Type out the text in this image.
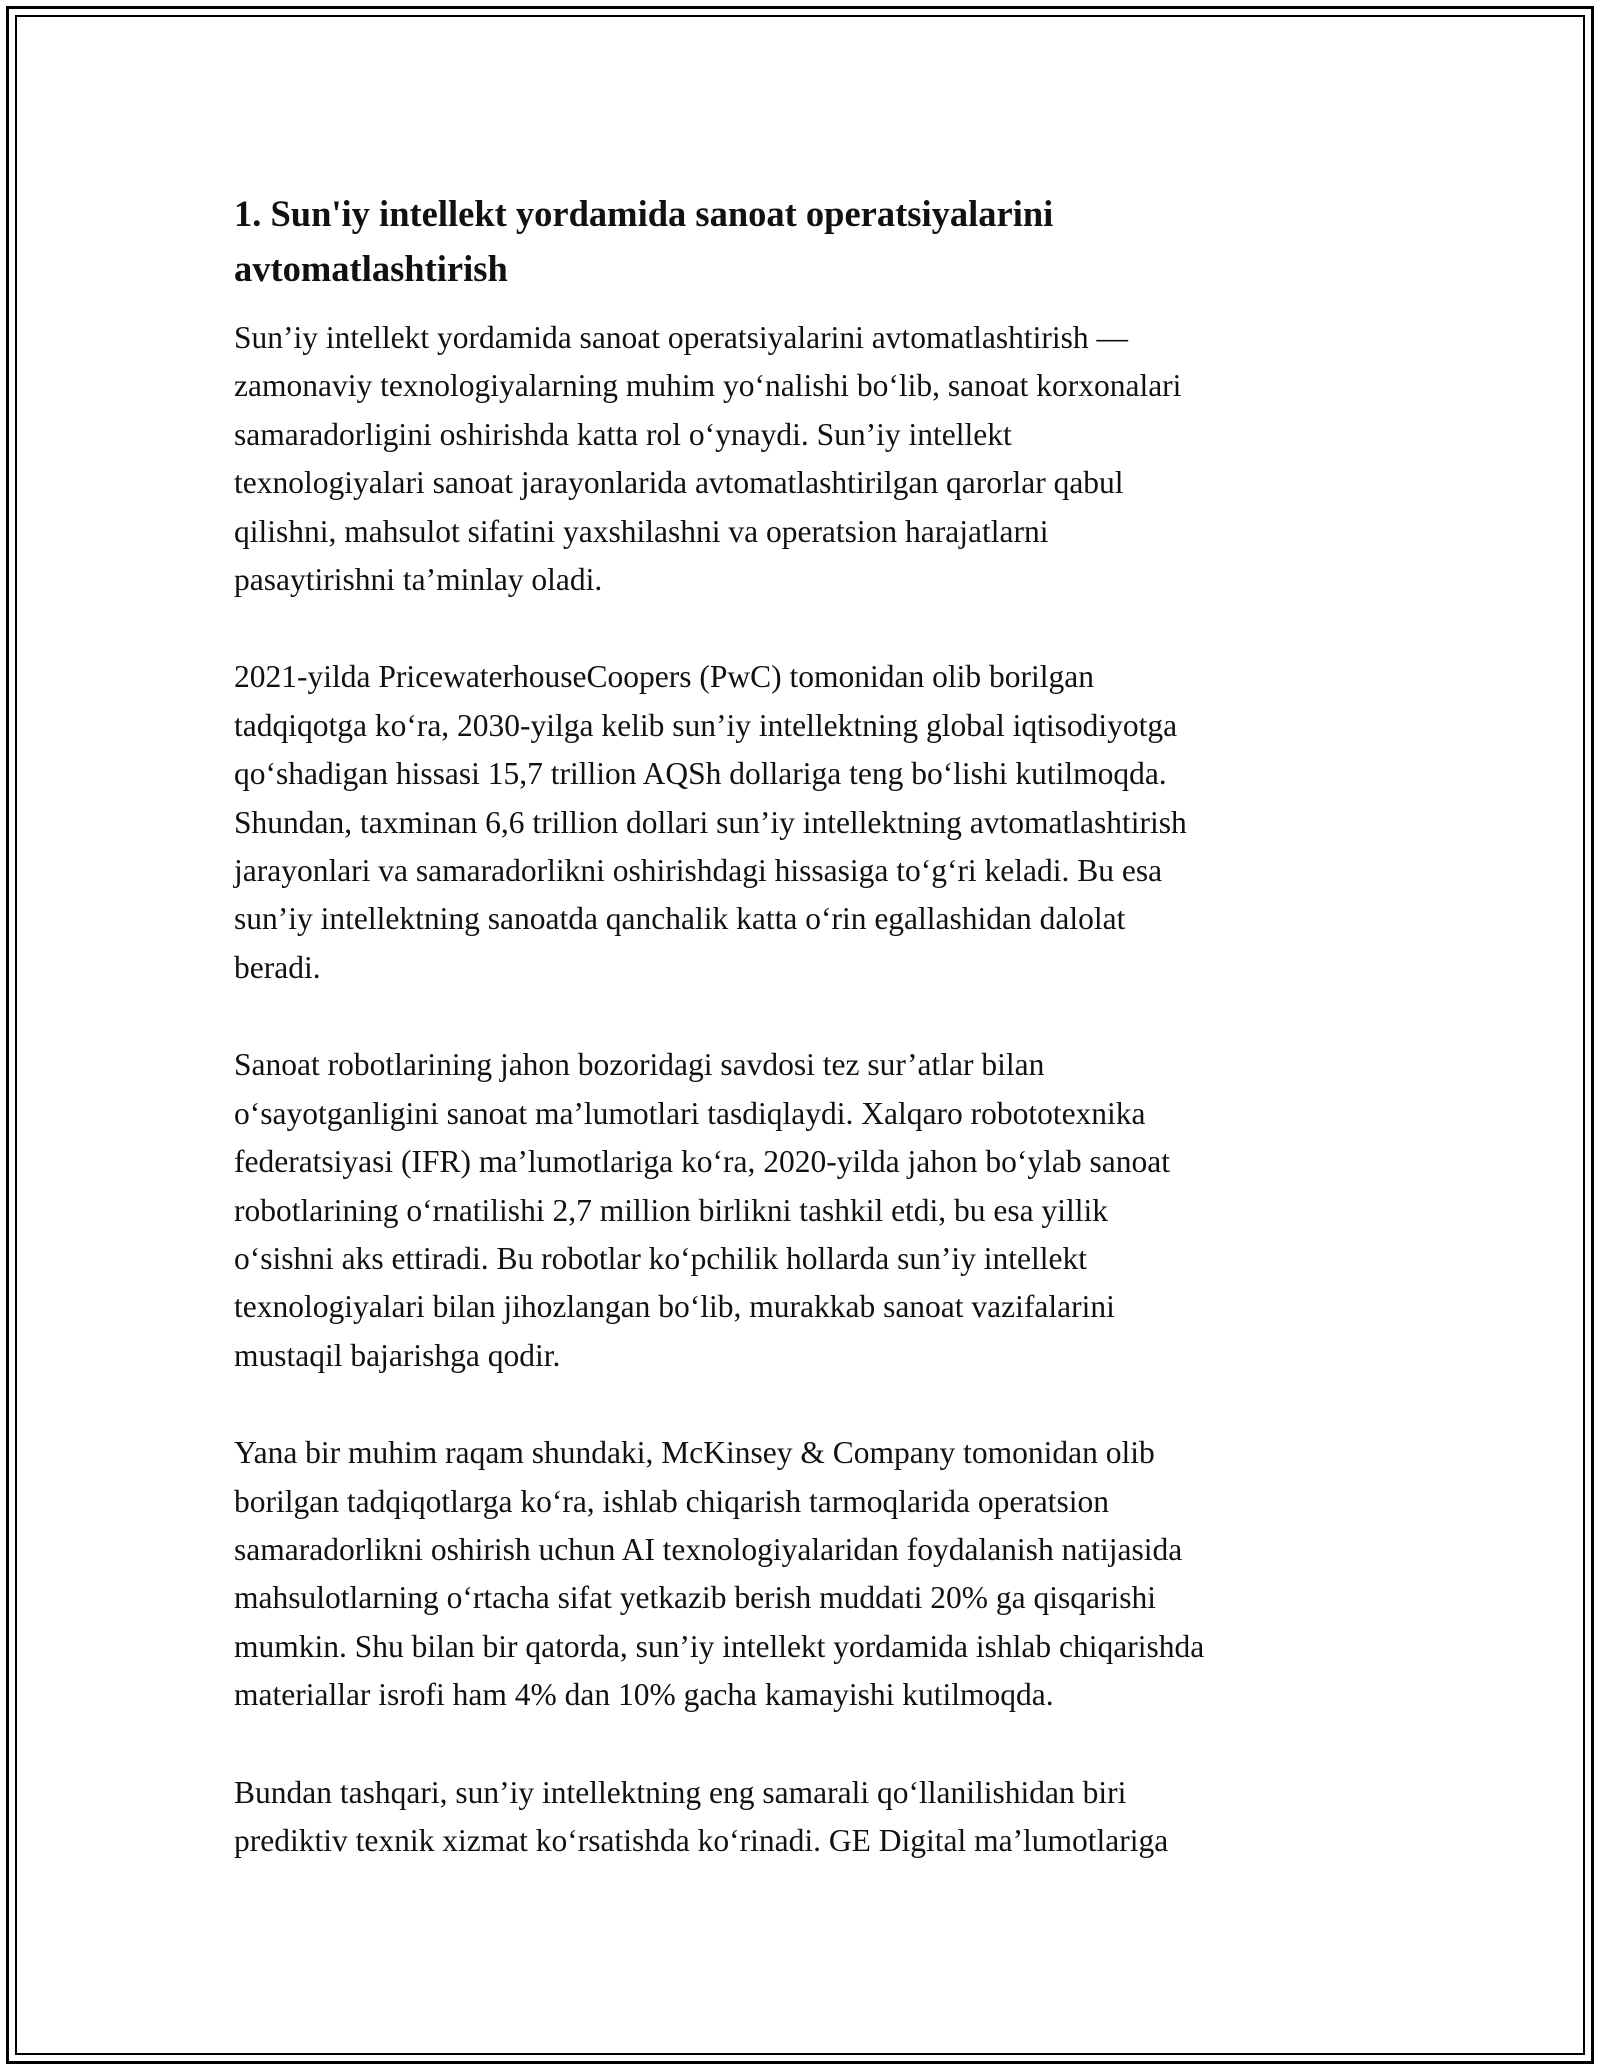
1. Sun'iy intellekt yordamida sanoat operatsiyalarini
avtomatlashtirish

Sun’iy intellekt yordamida sanoat operatsiyalarini avtomatlashtirish —
zamonaviy texnologiyalarning muhim yo‘nalishi bo‘lib, sanoat korxonalari
samaradorligini oshirishda katta rol o‘ynaydi. Sun’iy intellekt
texnologiyalari sanoat jarayonlarida avtomatlashtirilgan qarorlar qabul
qilishni, mahsulot sifatini yaxshilashni va operatsion harajatlarni
pasaytirishni ta’minlay oladi.

2021-yilda PricewaterhouseCoopers (PwC) tomonidan olib borilgan
tadqiqotga ko‘ra, 2030-yilga kelib sun’iy intellektning global iqtisodiyotga
qo‘shadigan hissasi 15,7 trillion AQSh dollariga teng bo‘lishi kutilmoqda.
Shundan, taxminan 6,6 trillion dollari sun’iy intellektning avtomatlashtirish
jarayonlari va samaradorlikni oshirishdagi hissasiga to‘g‘ri keladi. Bu esa
sun’iy intellektning sanoatda qanchalik katta o‘rin egallashidan dalolat
beradi.

Sanoat robotlarining jahon bozoridagi savdosi tez sur’atlar bilan
o‘sayotganligini sanoat ma’lumotlari tasdiqlaydi. Xalqaro robototexnika
federatsiyasi (IFR) ma’lumotlariga ko‘ra, 2020-yilda jahon bo‘ylab sanoat
robotlarining o‘rnatilishi 2,7 million birlikni tashkil etdi, bu esa yillik
o‘sishni aks ettiradi. Bu robotlar ko‘pchilik hollarda sun’iy intellekt
texnologiyalari bilan jihozlangan bo‘lib, murakkab sanoat vazifalarini
mustaqil bajarishga qodir.

Yana bir muhim raqam shundaki, McKinsey & Company tomonidan olib
borilgan tadqiqotlarga ko‘ra, ishlab chiqarish tarmoqlarida operatsion
samaradorlikni oshirish uchun AI texnologiyalaridan foydalanish natijasida
mahsulotlarning o‘rtacha sifat yetkazib berish muddati 20% ga qisqarishi
mumkin. Shu bilan bir qatorda, sun’iy intellekt yordamida ishlab chiqarishda
materiallar isrofi ham 4% dan 10% gacha kamayishi kutilmoqda.

Bundan tashqari, sun’iy intellektning eng samarali qo‘llanilishidan biri
prediktiv texnik xizmat ko‘rsatishda ko‘rinadi. GE Digital ma’lumotlariga
